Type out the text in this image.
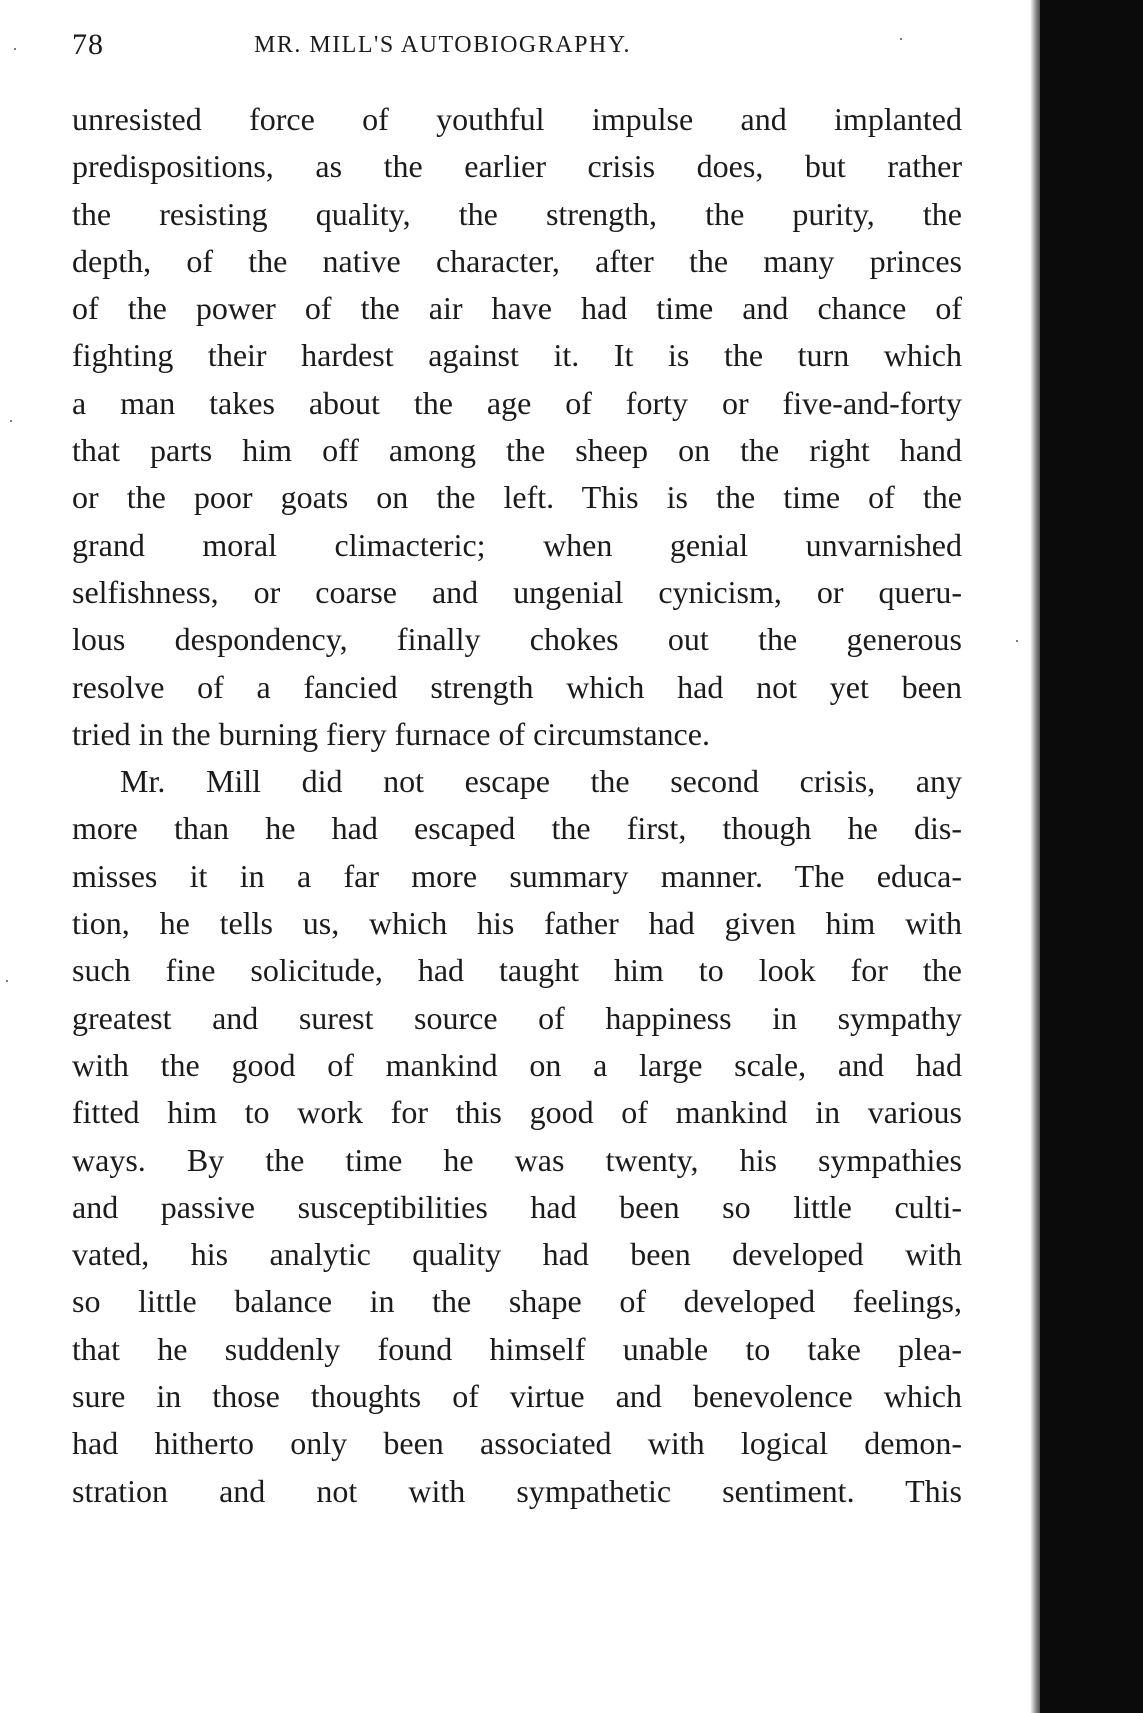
78	MR. MILL'S AUTOBIOGRAPHY.
unresisted force of youthful impulse and implanted
predispositions, as the earlier crisis does, but rather
the resisting quality, the strength, the purity, the
depth, of the native character, after the many princes
of the power of the air have had time and chance of
fighting their hardest against it. It is the turn which
a man takes about the age of forty or five-and-forty
that parts him off among the sheep on the right hand
or the poor goats on the left. This is the time of the
grand moral climacteric; when genial unvarnished
selfishness, or coarse and ungenial cynicism, or queru-
lous despondency, finally chokes out the generous
resolve of a fancied strength which had not yet been
tried in the burning fiery furnace of circumstance.
Mr. Mill did not escape the second crisis, any
more than he had escaped the first, though he dis-
misses it in a far more summary manner. The educa-
tion, he tells us, which his father had given him with
such fine solicitude, had taught him to look for the
greatest and surest source of happiness in sympathy
with the good of mankind on a large scale, and had
fitted him to work for this good of mankind in various
ways. By the time he was twenty, his sympathies
and passive susceptibilities had been so little culti-
vated, his analytic quality had been developed with
so little balance in the shape of developed feelings,
that he suddenly found himself unable to take plea-
sure in those thoughts of virtue and benevolence which
had hitherto only been associated with logical demon-
stration and not with sympathetic sentiment. This
